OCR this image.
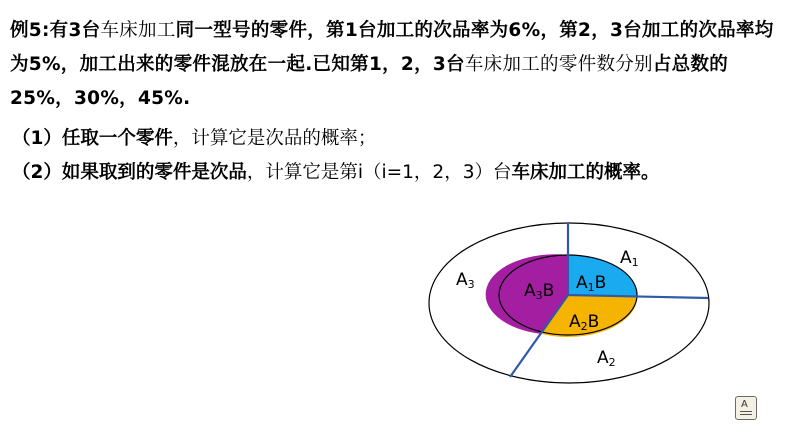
例5:有3台车床加工同一型号的零件，第1台加工的次品率为6%，第2，3台加工的次品率均为5%，加工出来的零件混放在一起.已知第1，2，3台车床加工的零件数分别占总数的25%，30%，45%.
（1）任取一个零件，计算它是次品的概率；
（2）如果取到的零件是次品，计算它是第i（i=1，2，3）台车床加工的概率。
A1
A2
A3	A1B
A2B
A3B
A
